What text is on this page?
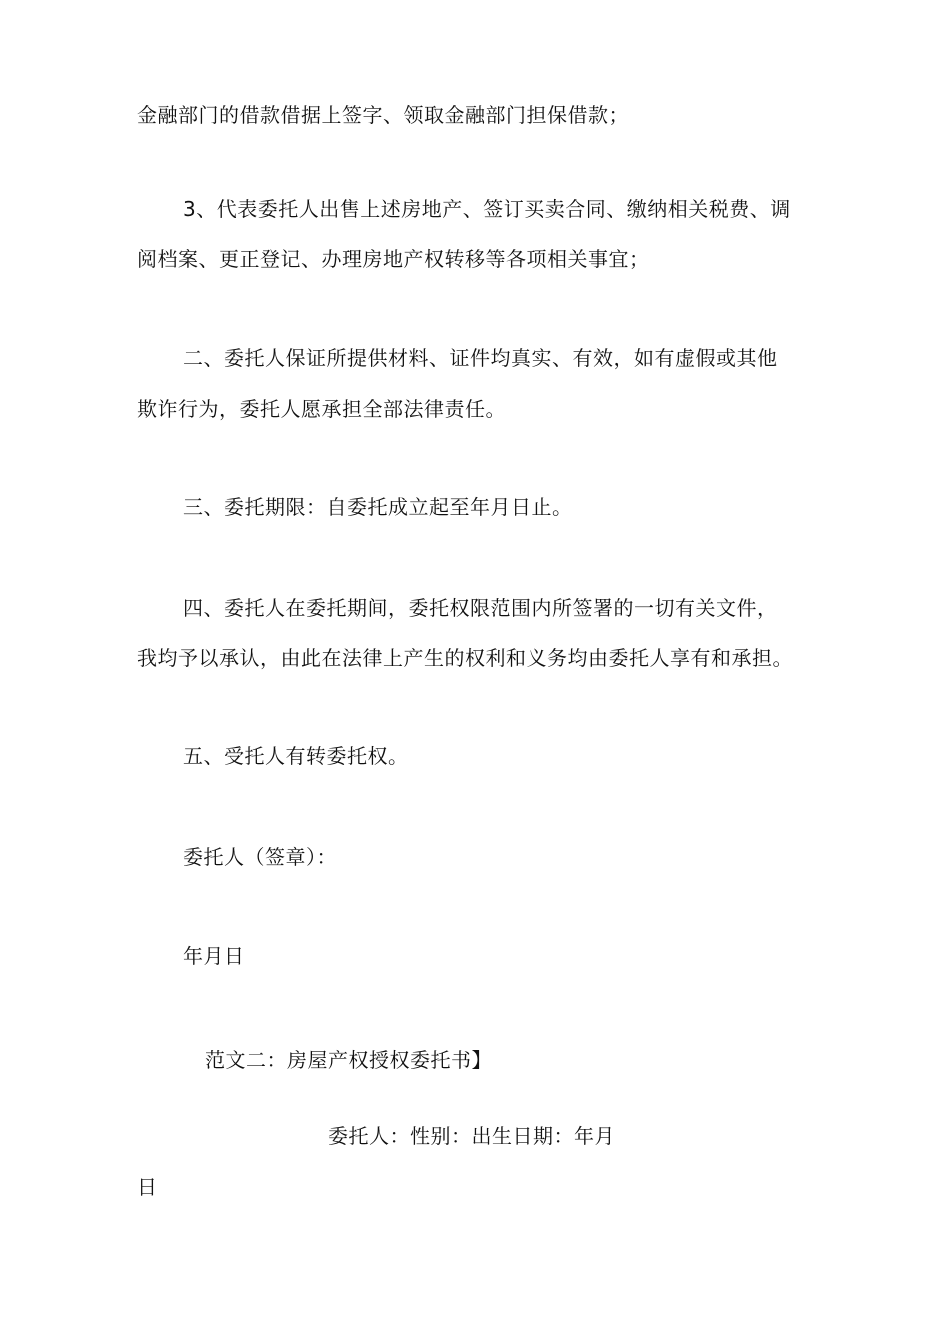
金融部门的借款借据上签字、领取金融部门担保借款；
3、代表委托人出售上述房地产、签订买卖合同、缴纳相关税费、调
阅档案、更正登记、办理房地产权转移等各项相关事宜；
二、委托人保证所提供材料、证件均真实、有效，如有虚假或其他
欺诈行为，委托人愿承担全部法律责任。
三、委托期限：自委托成立起至年月日止。
四、委托人在委托期间，委托权限范围内所签署的一切有关文件，
我均予以承认，由此在法律上产生的权利和义务均由委托人享有和承担。
五、受托人有转委托权。
委托人（签章）：
年月日
范文二：房屋产权授权委托书】
委托人：性别：出生日期：年月
日
